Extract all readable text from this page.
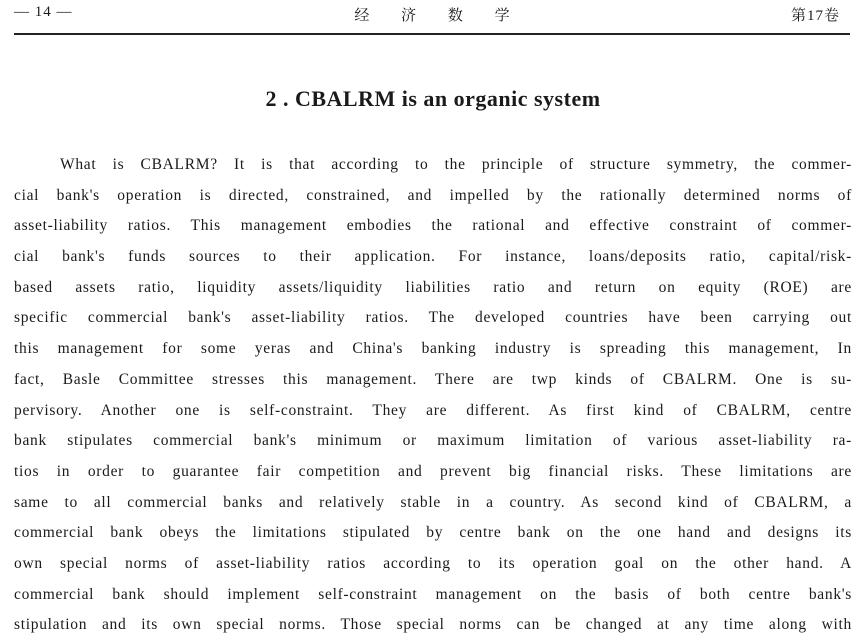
— 14 —	经 济 数 学	第17卷
2 . CBALRM is an organic system
What is CBALRM? It is that according to the principle of structure symmetry, the commer-
cial bank's operation is directed, constrained, and impelled by the rationally determined norms of
asset-liability ratios. This management embodies the rational and effective constraint of commer-
cial bank's funds sources to their application. For instance, loans/deposits ratio, capital/risk-
based assets ratio, liquidity assets/liquidity liabilities ratio and return on equity (ROE) are
specific commercial bank's asset-liability ratios. The developed countries have been carrying out
this management for some yeras and China's banking industry is spreading this management, In
fact, Basle Committee stresses this management. There are twp kinds of CBALRM. One is su-
pervisory. Another one is self-constraint. They are different. As first kind of CBALRM, centre
bank stipulates commercial bank's minimum or maximum limitation of various asset-liability ra-
tios in order to guarantee fair competition and prevent big financial risks. These limitations are
same to all commercial banks and relatively stable in a country. As second kind of CBALRM, a
commercial bank obeys the limitations stipulated by centre bank on the one hand and designs its
own special norms of asset-liability ratios according to its operation goal on the other hand. A
commercial bank should implement self-constraint management on the basis of both centre bank's
stipulation and its own special norms. Those special norms can be changed at any time along with
